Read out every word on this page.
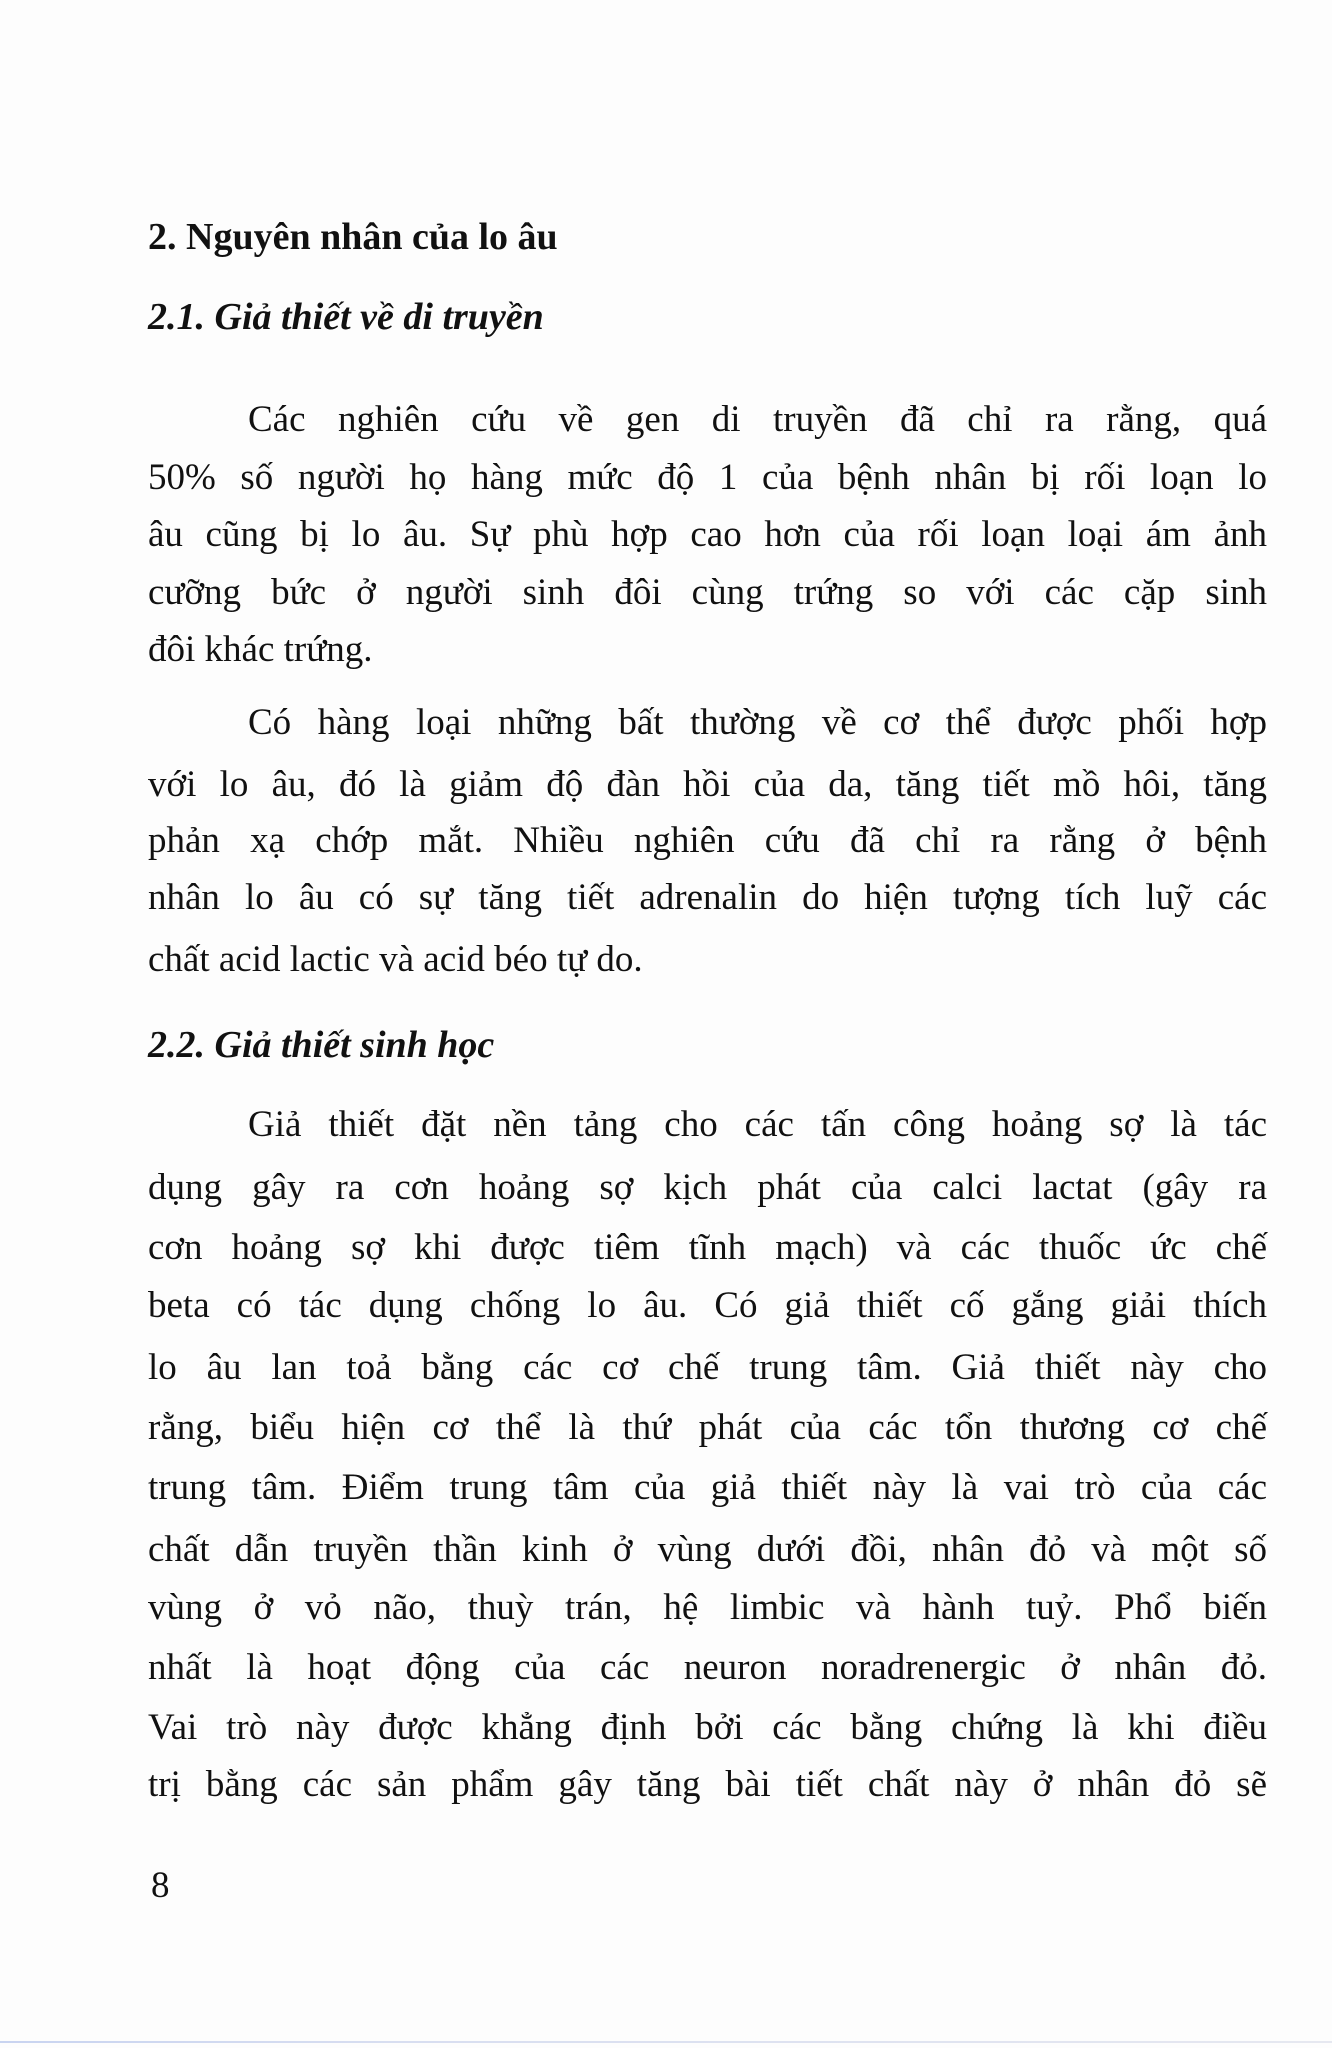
2. Nguyên nhân của lo âu
2.1. Giả thiết về di truyền
Các nghiên cứu về gen di truyền đã chỉ ra rằng, quá
50% số người họ hàng mức độ 1 của bệnh nhân bị rối loạn lo
âu cũng bị lo âu. Sự phù hợp cao hơn của rối loạn loại ám ảnh
cưỡng bức ở người sinh đôi cùng trứng so với các cặp sinh
đôi khác trứng.
Có hàng loại những bất thường về cơ thể được phối hợp
với lo âu, đó là giảm độ đàn hồi của da, tăng tiết mồ hôi, tăng
phản xạ chớp mắt. Nhiều nghiên cứu đã chỉ ra rằng ở bệnh
nhân lo âu có sự tăng tiết adrenalin do hiện tượng tích luỹ các
chất acid lactic và acid béo tự do.
2.2. Giả thiết sinh học
Giả thiết đặt nền tảng cho các tấn công hoảng sợ là tác
dụng gây ra cơn hoảng sợ kịch phát của calci lactat (gây ra
cơn hoảng sợ khi được tiêm tĩnh mạch) và các thuốc ức chế
beta có tác dụng chống lo âu. Có giả thiết cố gắng giải thích
lo âu lan toả bằng các cơ chế trung tâm. Giả thiết này cho
rằng, biểu hiện cơ thể là thứ phát của các tổn thương cơ chế
trung tâm. Điểm trung tâm của giả thiết này là vai trò của các
chất dẫn truyền thần kinh ở vùng dưới đồi, nhân đỏ và một số
vùng ở vỏ não, thuỳ trán, hệ limbic và hành tuỷ. Phổ biến
nhất là hoạt động của các neuron noradrenergic ở nhân đỏ.
Vai trò này được khẳng định bởi các bằng chứng là khi điều
trị bằng các sản phẩm gây tăng bài tiết chất này ở nhân đỏ sẽ
8
